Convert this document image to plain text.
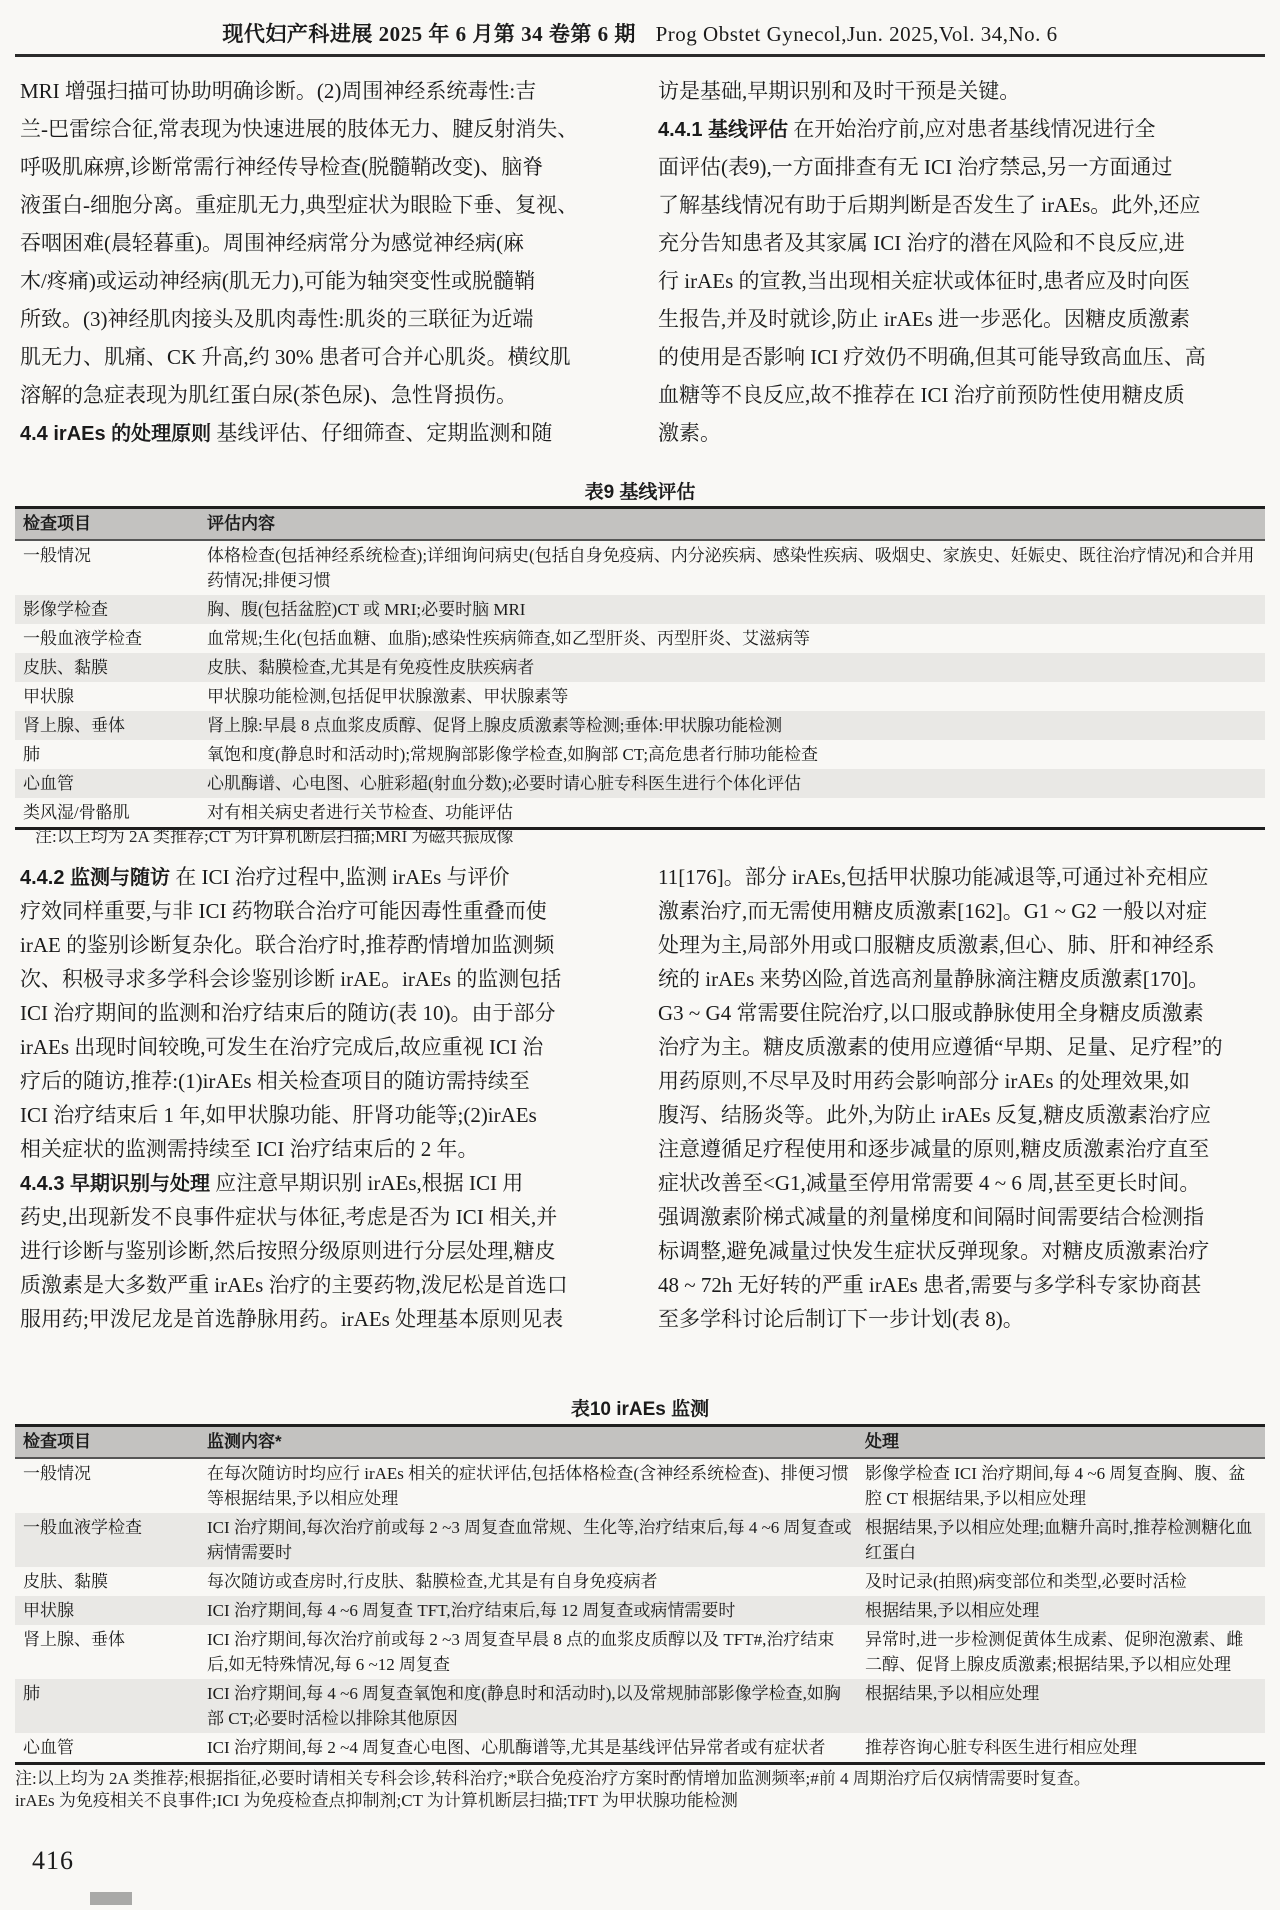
现代妇产科进展 2025 年 6 月第 34 卷第 6 期 Prog Obstet Gynecol,Jun. 2025,Vol. 34,No. 6
MRI 增强扫描可协助明确诊断。(2)周围神经系统毒性:吉
兰-巴雷综合征,常表现为快速进展的肢体无力、腱反射消失、
呼吸肌麻痹,诊断常需行神经传导检查(脱髓鞘改变)、脑脊
液蛋白-细胞分离。重症肌无力,典型症状为眼睑下垂、复视、
吞咽困难(晨轻暮重)。周围神经病常分为感觉神经病(麻
木/疼痛)或运动神经病(肌无力),可能为轴突变性或脱髓鞘
所致。(3)神经肌肉接头及肌肉毒性:肌炎的三联征为近端
肌无力、肌痛、CK 升高,约 30% 患者可合并心肌炎。横纹肌
溶解的急症表现为肌红蛋白尿(茶色尿)、急性肾损伤。
4.4 irAEs 的处理原则 基线评估、仔细筛查、定期监测和随
访是基础,早期识别和及时干预是关键。
4.4.1 基线评估 在开始治疗前,应对患者基线情况进行全
面评估(表9),一方面排查有无 ICI 治疗禁忌,另一方面通过
了解基线情况有助于后期判断是否发生了 irAEs。此外,还应
充分告知患者及其家属 ICI 治疗的潜在风险和不良反应,进
行 irAEs 的宣教,当出现相关症状或体征时,患者应及时向医
生报告,并及时就诊,防止 irAEs 进一步恶化。因糖皮质激素
的使用是否影响 ICI 疗效仍不明确,但其可能导致高血压、高
血糖等不良反应,故不推荐在 ICI 治疗前预防性使用糖皮质
激素。
表9 基线评估
检查项目	评估内容
一般情况	体格检查(包括神经系统检查);详细询问病史(包括自身免疫病、内分泌疾病、感染性疾病、吸烟史、家族史、妊娠史、既往治疗情况)和合并用药情况;排便习惯
影像学检查	胸、腹(包括盆腔)CT 或 MRI;必要时脑 MRI
一般血液学检查	血常规;生化(包括血糖、血脂);感染性疾病筛查,如乙型肝炎、丙型肝炎、艾滋病等
皮肤、黏膜	皮肤、黏膜检查,尤其是有免疫性皮肤疾病者
甲状腺	甲状腺功能检测,包括促甲状腺激素、甲状腺素等
肾上腺、垂体	肾上腺:早晨 8 点血浆皮质醇、促肾上腺皮质激素等检测;垂体:甲状腺功能检测
肺	氧饱和度(静息时和活动时);常规胸部影像学检查,如胸部 CT;高危患者行肺功能检查
心血管	心肌酶谱、心电图、心脏彩超(射血分数);必要时请心脏专科医生进行个体化评估
类风湿/骨骼肌	对有相关病史者进行关节检查、功能评估
注:以上均为 2A 类推荐;CT 为计算机断层扫描;MRI 为磁共振成像
4.4.2 监测与随访 在 ICI 治疗过程中,监测 irAEs 与评价
疗效同样重要,与非 ICI 药物联合治疗可能因毒性重叠而使
irAE 的鉴别诊断复杂化。联合治疗时,推荐酌情增加监测频
次、积极寻求多学科会诊鉴别诊断 irAE。irAEs 的监测包括
ICI 治疗期间的监测和治疗结束后的随访(表 10)。由于部分
irAEs 出现时间较晚,可发生在治疗完成后,故应重视 ICI 治
疗后的随访,推荐:(1)irAEs 相关检查项目的随访需持续至
ICI 治疗结束后 1 年,如甲状腺功能、肝肾功能等;(2)irAEs
相关症状的监测需持续至 ICI 治疗结束后的 2 年。
4.4.3 早期识别与处理 应注意早期识别 irAEs,根据 ICI 用
药史,出现新发不良事件症状与体征,考虑是否为 ICI 相关,并
进行诊断与鉴别诊断,然后按照分级原则进行分层处理,糖皮
质激素是大多数严重 irAEs 治疗的主要药物,泼尼松是首选口
服用药;甲泼尼龙是首选静脉用药。irAEs 处理基本原则见表
11[176]。部分 irAEs,包括甲状腺功能减退等,可通过补充相应
激素治疗,而无需使用糖皮质激素[162]。G1 ~ G2 一般以对症
处理为主,局部外用或口服糖皮质激素,但心、肺、肝和神经系
统的 irAEs 来势凶险,首选高剂量静脉滴注糖皮质激素[170]。
G3 ~ G4 常需要住院治疗,以口服或静脉使用全身糖皮质激素
治疗为主。糖皮质激素的使用应遵循“早期、足量、足疗程”的
用药原则,不尽早及时用药会影响部分 irAEs 的处理效果,如
腹泻、结肠炎等。此外,为防止 irAEs 反复,糖皮质激素治疗应
注意遵循足疗程使用和逐步减量的原则,糖皮质激素治疗直至
症状改善至<G1,减量至停用常需要 4 ~ 6 周,甚至更长时间。
强调激素阶梯式减量的剂量梯度和间隔时间需要结合检测指
标调整,避免减量过快发生症状反弹现象。对糖皮质激素治疗
48 ~ 72h 无好转的严重 irAEs 患者,需要与多学科专家协商甚
至多学科讨论后制订下一步计划(表 8)。
表10 irAEs 监测
检查项目	监测内容*	处理
一般情况	在每次随访时均应行 irAEs 相关的症状评估,包括体格检查(含神经系统检查)、排便习惯等根据结果,予以相应处理	影像学检查 ICI 治疗期间,每 4 ~6 周复查胸、腹、盆腔 CT 根据结果,予以相应处理
一般血液学检查	ICI 治疗期间,每次治疗前或每 2 ~3 周复查血常规、生化等,治疗结束后,每 4 ~6 周复查或病情需要时	根据结果,予以相应处理;血糖升高时,推荐检测糖化血红蛋白
皮肤、黏膜	每次随访或查房时,行皮肤、黏膜检查,尤其是有自身免疫病者	及时记录(拍照)病变部位和类型,必要时活检
甲状腺	ICI 治疗期间,每 4 ~6 周复查 TFT,治疗结束后,每 12 周复查或病情需要时	根据结果,予以相应处理
肾上腺、垂体	ICI 治疗期间,每次治疗前或每 2 ~3 周复查早晨 8 点的血浆皮质醇以及 TFT#,治疗结束后,如无特殊情况,每 6 ~12 周复查	异常时,进一步检测促黄体生成素、促卵泡激素、雌二醇、促肾上腺皮质激素;根据结果,予以相应处理
肺	ICI 治疗期间,每 4 ~6 周复查氧饱和度(静息时和活动时),以及常规肺部影像学检查,如胸部 CT;必要时活检以排除其他原因	根据结果,予以相应处理
心血管	ICI 治疗期间,每 2 ~4 周复查心电图、心肌酶谱等,尤其是基线评估异常者或有症状者	推荐咨询心脏专科医生进行相应处理
注:以上均为 2A 类推荐;根据指征,必要时请相关专科会诊,转科治疗;*联合免疫治疗方案时酌情增加监测频率;#前 4 周期治疗后仅病情需要时复查。
irAEs 为免疫相关不良事件;ICI 为免疫检查点抑制剂;CT 为计算机断层扫描;TFT 为甲状腺功能检测
416
